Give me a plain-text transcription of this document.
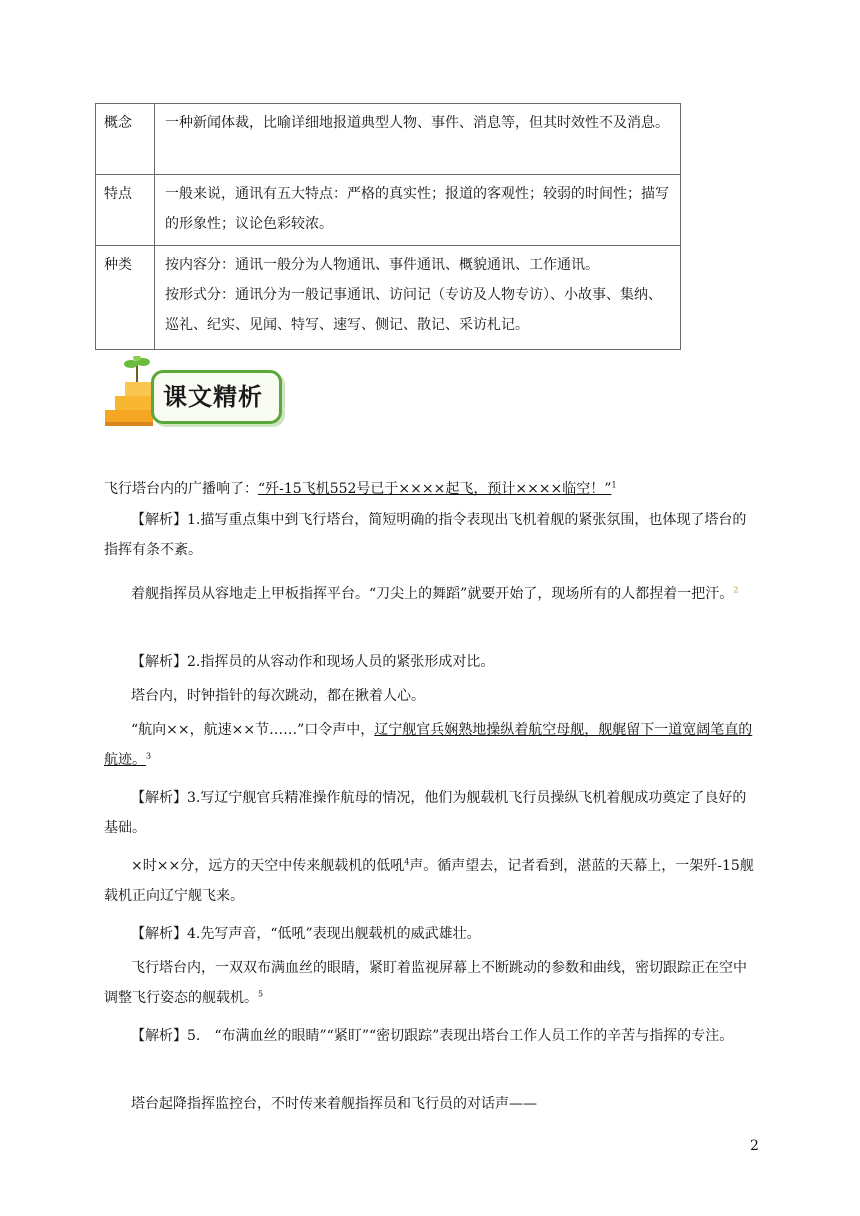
概念	一种新闻体裁，比喻详细地报道典型人物、事件、消息等，但其时效性不及消息。

特点	一般来说，通讯有五大特点：严格的真实性；报道的客观性；较弱的时间性；描写的形象性；议论色彩较浓。

种类	按内容分：通讯一般分为人物通讯、事件通讯、概貌通讯、工作通讯。

按形式分：通讯分为一般记事通讯、访问记（专访及人物专访）、小故事、集纳、巡礼、纪实、见闻、特写、速写、侧记、散记、采访札记。

课文精析

飞行塔台内的广播响了：“歼-15飞机552号已于××××起飞，预计××××临空！”$^1$

【解析】1.描写重点集中到飞行塔台，简短明确的指令表现出飞机着舰的紧张氛围，也体现了塔台的指挥有条不紊。

着舰指挥员从容地走上甲板指挥平台。“刀尖上的舞蹈”就要开始了，现场所有的人都捏着一把汗。$^2$

【解析】2.指挥员的从容动作和现场人员的紧张形成对比。

塔台内，时钟指针的每次跳动，都在揪着人心。

“航向××，航速××节……”口令声中，辽宁舰官兵娴熟地操纵着航空母舰，舰艉留下一道宽阔笔直的航迹。$^3$

【解析】3.写辽宁舰官兵精准操作航母的情况，他们为舰载机飞行员操纵飞机着舰成功奠定了良好的基础。

×时××分，远方的天空中传来舰载机的低吼$^4$声。循声望去，记者看到，湛蓝的天幕上，一架歼-15舰载机正向辽宁舰飞来。

【解析】4.先写声音，“低吼”表现出舰载机的威武雄壮。

飞行塔台内，一双双布满血丝的眼睛，紧盯着监视屏幕上不断跳动的参数和曲线，密切跟踪正在空中调整飞行姿态的舰载机。$^5$

【解析】5.　“布满血丝的眼睛”“紧盯”“密切跟踪”表现出塔台工作人员工作的辛苦与指挥的专注。

塔台起降指挥监控台，不时传来着舰指挥员和飞行员的对话声——

2
